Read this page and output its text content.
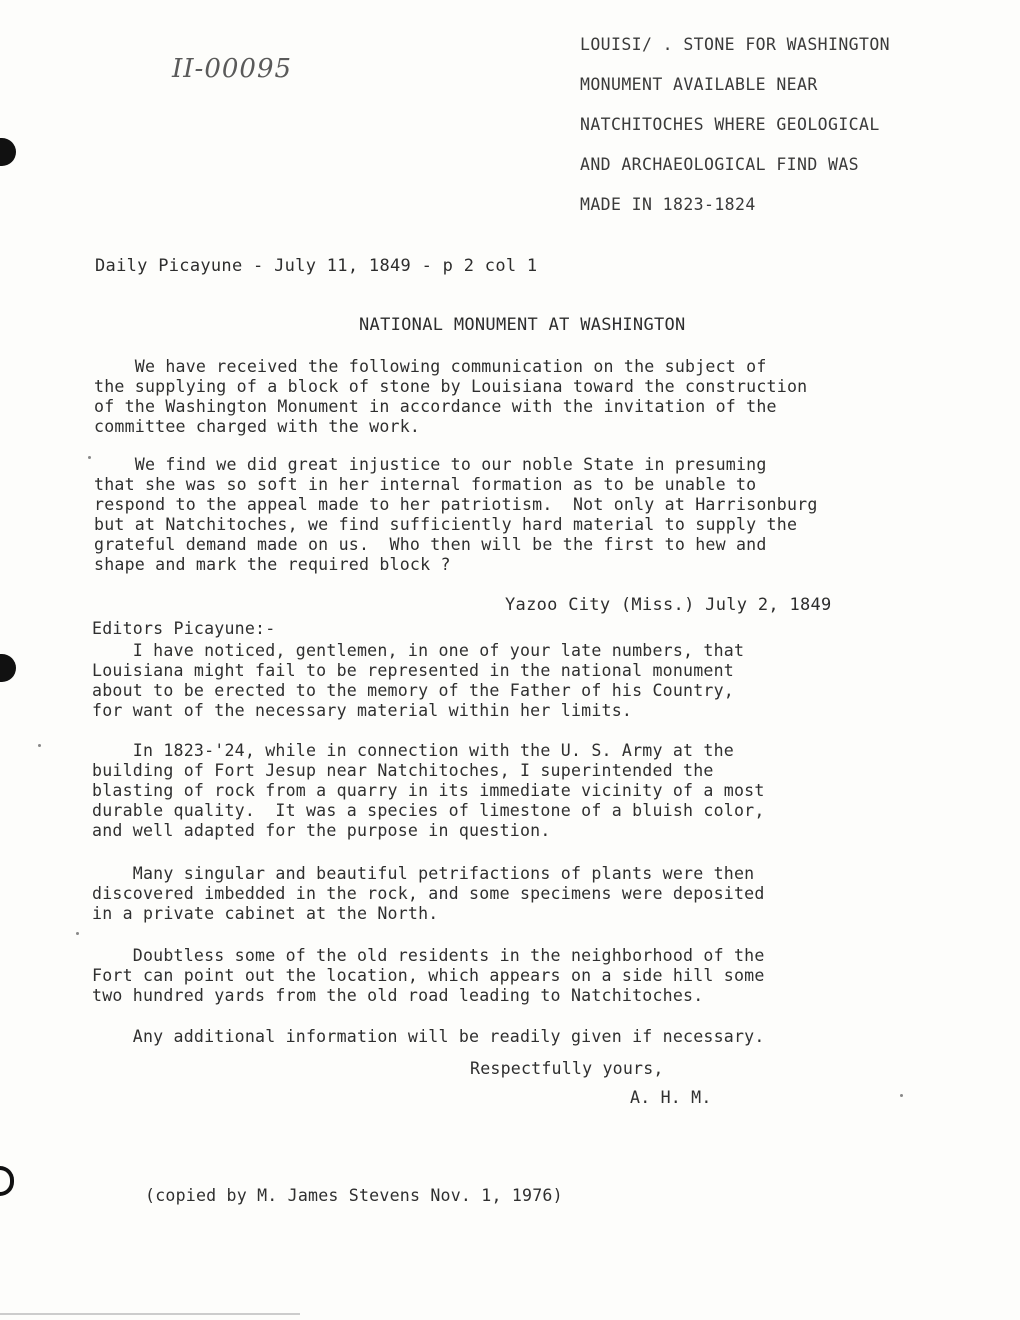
II-00095
LOUISI/ . STONE FOR WASHINGTON
MONUMENT AVAILABLE NEAR
NATCHITOCHES WHERE GEOLOGICAL
AND ARCHAEOLOGICAL FIND WAS
MADE IN 1823-1824
Daily Picayune - July 11, 1849 - p 2 col 1
NATIONAL MONUMENT AT WASHINGTON
We have received the following communication on the subject of
the supplying of a block of stone by Louisiana toward the construction
of the Washington Monument in accordance with the invitation of the
committee charged with the work.
We find we did great injustice to our noble State in presuming
that she was so soft in her internal formation as to be unable to
respond to the appeal made to her patriotism.  Not only at Harrisonburg
but at Natchitoches, we find sufficiently hard material to supply the
grateful demand made on us.  Who then will be the first to hew and
shape and mark the required block ?
Yazoo City (Miss.) July 2, 1849
Editors Picayune:-
I have noticed, gentlemen, in one of your late numbers, that
Louisiana might fail to be represented in the national monument
about to be erected to the memory of the Father of his Country,
for want of the necessary material within her limits.
In 1823-'24, while in connection with the U. S. Army at the
building of Fort Jesup near Natchitoches, I superintended the
blasting of rock from a quarry in its immediate vicinity of a most
durable quality.  It was a species of limestone of a bluish color,
and well adapted for the purpose in question.
Many singular and beautiful petrifactions of plants were then
discovered imbedded in the rock, and some specimens were deposited
in a private cabinet at the North.
Doubtless some of the old residents in the neighborhood of the
Fort can point out the location, which appears on a side hill some
two hundred yards from the old road leading to Natchitoches.
Any additional information will be readily given if necessary.
Respectfully yours,
A. H. M.
(copied by M. James Stevens Nov. 1, 1976)
